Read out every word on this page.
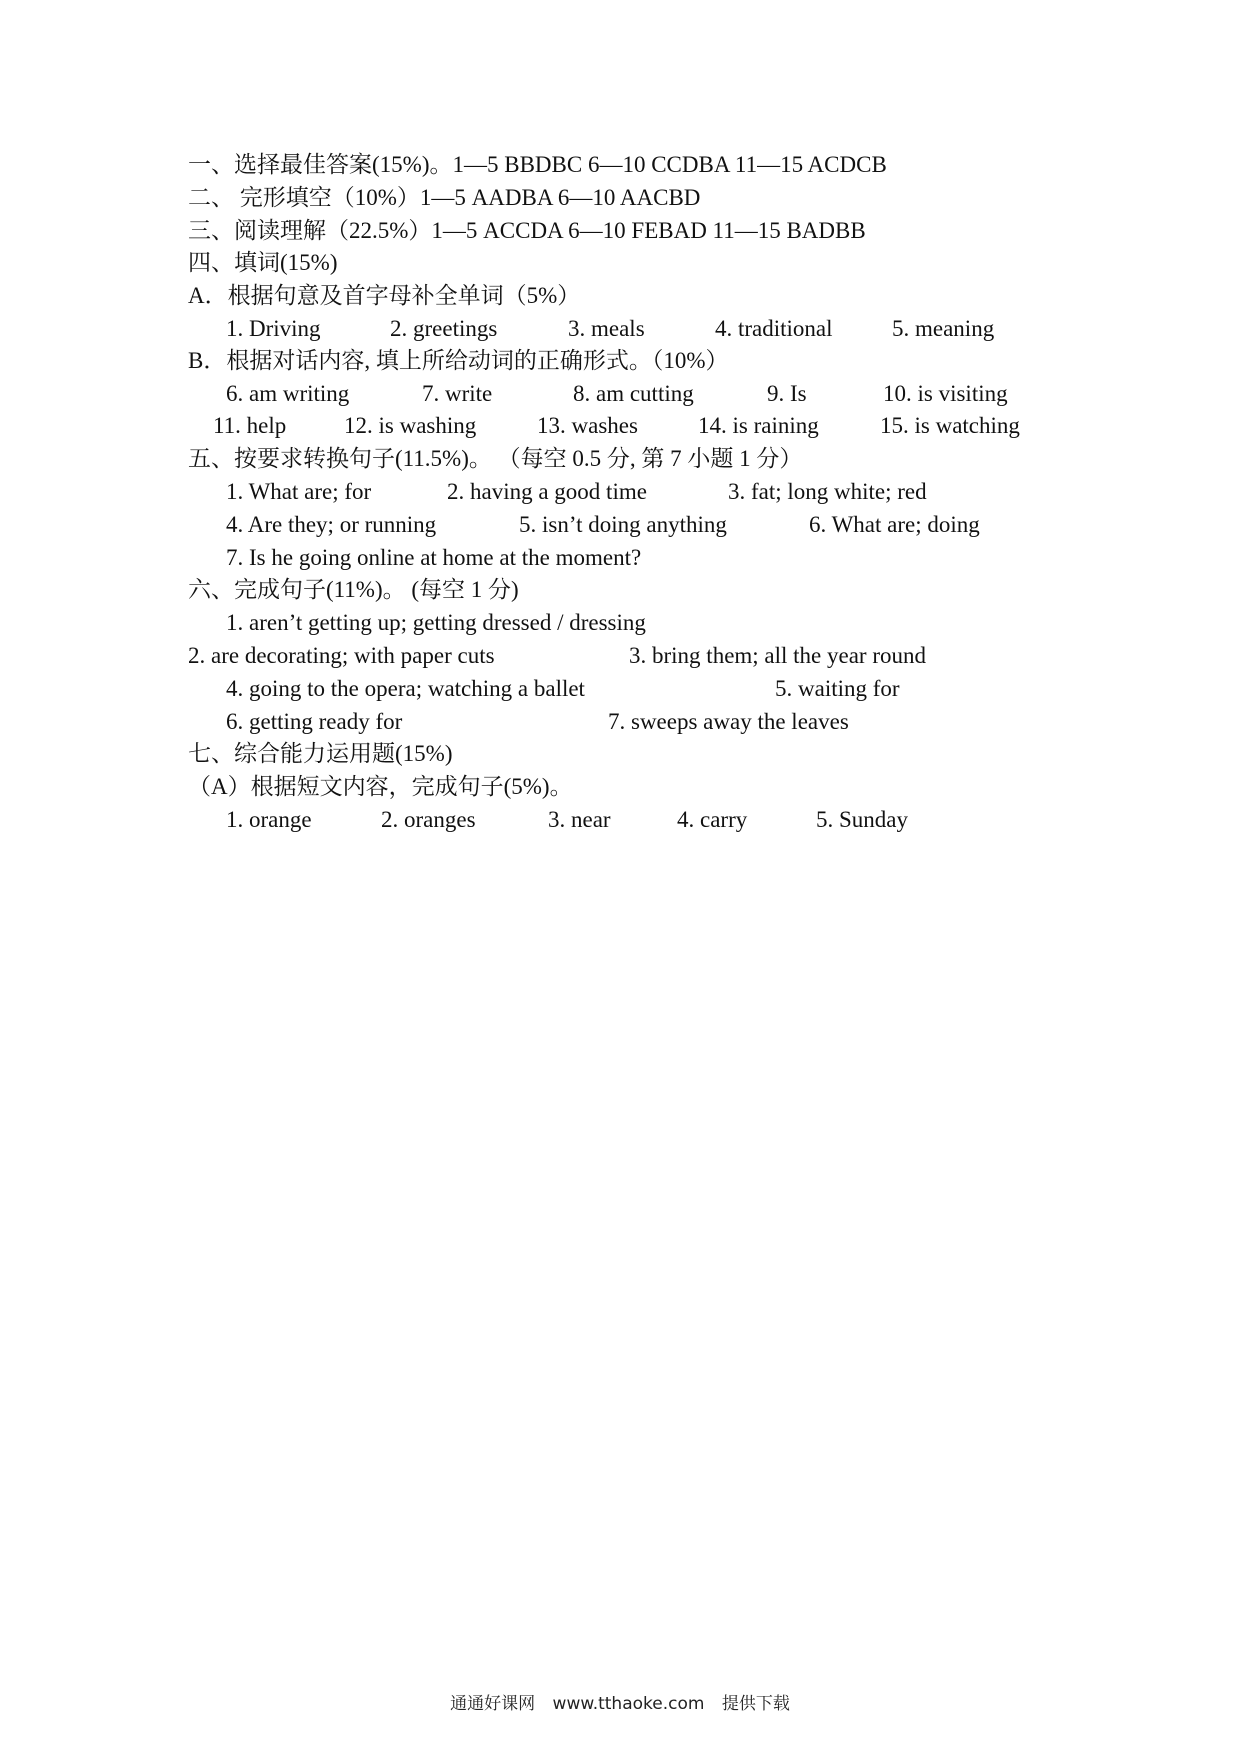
一、选择最佳答案(15%)。1—5 BBDBC 6—10 CCDBA 11—15 ACDCB
二、 完形填空（10%）1—5 AADBA 6—10 AACBD
三、阅读理解（22.5%）1—5 ACCDA 6—10 FEBAD 11—15 BADBB
四、填词(15%)
A．根据句意及首字母补全单词（5%）
1. Driving	2. greetings	3. meals	4. traditional	5. meaning
B．根据对话内容, 填上所给动词的正确形式。（10%）
6. am writing	7. write	8. am cutting	9. Is	10. is visiting
11. help	12. is washing	13. washes	14. is raining	15. is watching
五、按要求转换句子(11.5%)。 （每空 0.5 分, 第 7 小题 1 分）
1. What are; for	2. having a good time	3. fat; long white; red
4. Are they; or running	5. isn’t doing anything	6. What are; doing
7. Is he going online at home at the moment?
六、完成句子(11%)。 (每空 1 分)
1. aren’t getting up; getting dressed / dressing
2. are decorating; with paper cuts	3. bring them; all the year round
4. going to the opera; watching a ballet	5. waiting for
6. getting ready for	7. sweeps away the leaves
七、综合能力运用题(15%)
（A）根据短文内容，完成句子(5%)。
1. orange	2. oranges	3. near	4. carry	5. Sunday
通通好课网 www.tthaoke.com 提供下载
